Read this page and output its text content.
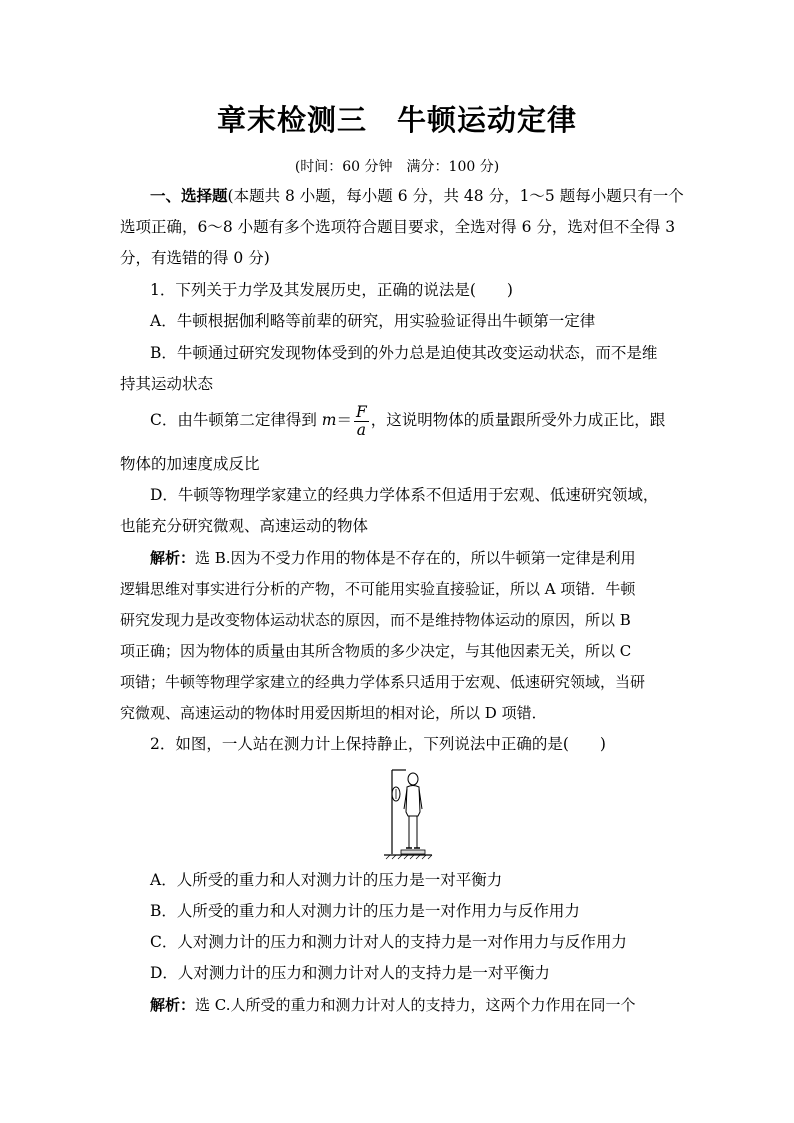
章末检测三　牛顿运动定律
(时间：60 分钟　满分：100 分)
一、选择题(本题共 8 小题，每小题 6 分，共 48 分，1～5 题每小题只有一个
选项正确，6～8 小题有多个选项符合题目要求，全选对得 6 分，选对但不全得 3
分，有选错的得 0 分)
1．下列关于力学及其发展历史，正确的说法是(　　)
A．牛顿根据伽利略等前辈的研究，用实验验证得出牛顿第一定律
B．牛顿通过研究发现物体受到的外力总是迫使其改变运动状态，而不是维
持其运动状态
C．由牛顿第二定律得到 $m= \frac{F}{a}$ ，这说明物体的质量跟所受外力成正比，跟
物体的加速度成反比
D．牛顿等物理学家建立的经典力学体系不但适用于宏观、低速研究领域，
也能充分研究微观、高速运动的物体
解析：选 B.因为不受力作用的物体是不存在的，所以牛顿第一定律是利用
逻辑思维对事实进行分析的产物，不可能用实验直接验证，所以 A 项错．牛顿
研究发现力是改变物体运动状态的原因，而不是维持物体运动的原因，所以 B
项正确；因为物体的质量由其所含物质的多少决定，与其他因素无关，所以 C
项错；牛顿等物理学家建立的经典力学体系只适用于宏观、低速研究领域，当研
究微观、高速运动的物体时用爱因斯坦的相对论，所以 D 项错．
2．如图，一人站在测力计上保持静止，下列说法中正确的是(　　)
A．人所受的重力和人对测力计的压力是一对平衡力
B．人所受的重力和人对测力计的压力是一对作用力与反作用力
C．人对测力计的压力和测力计对人的支持力是一对作用力与反作用力
D．人对测力计的压力和测力计对人的支持力是一对平衡力
解析：选 C.人所受的重力和测力计对人的支持力，这两个力作用在同一个
